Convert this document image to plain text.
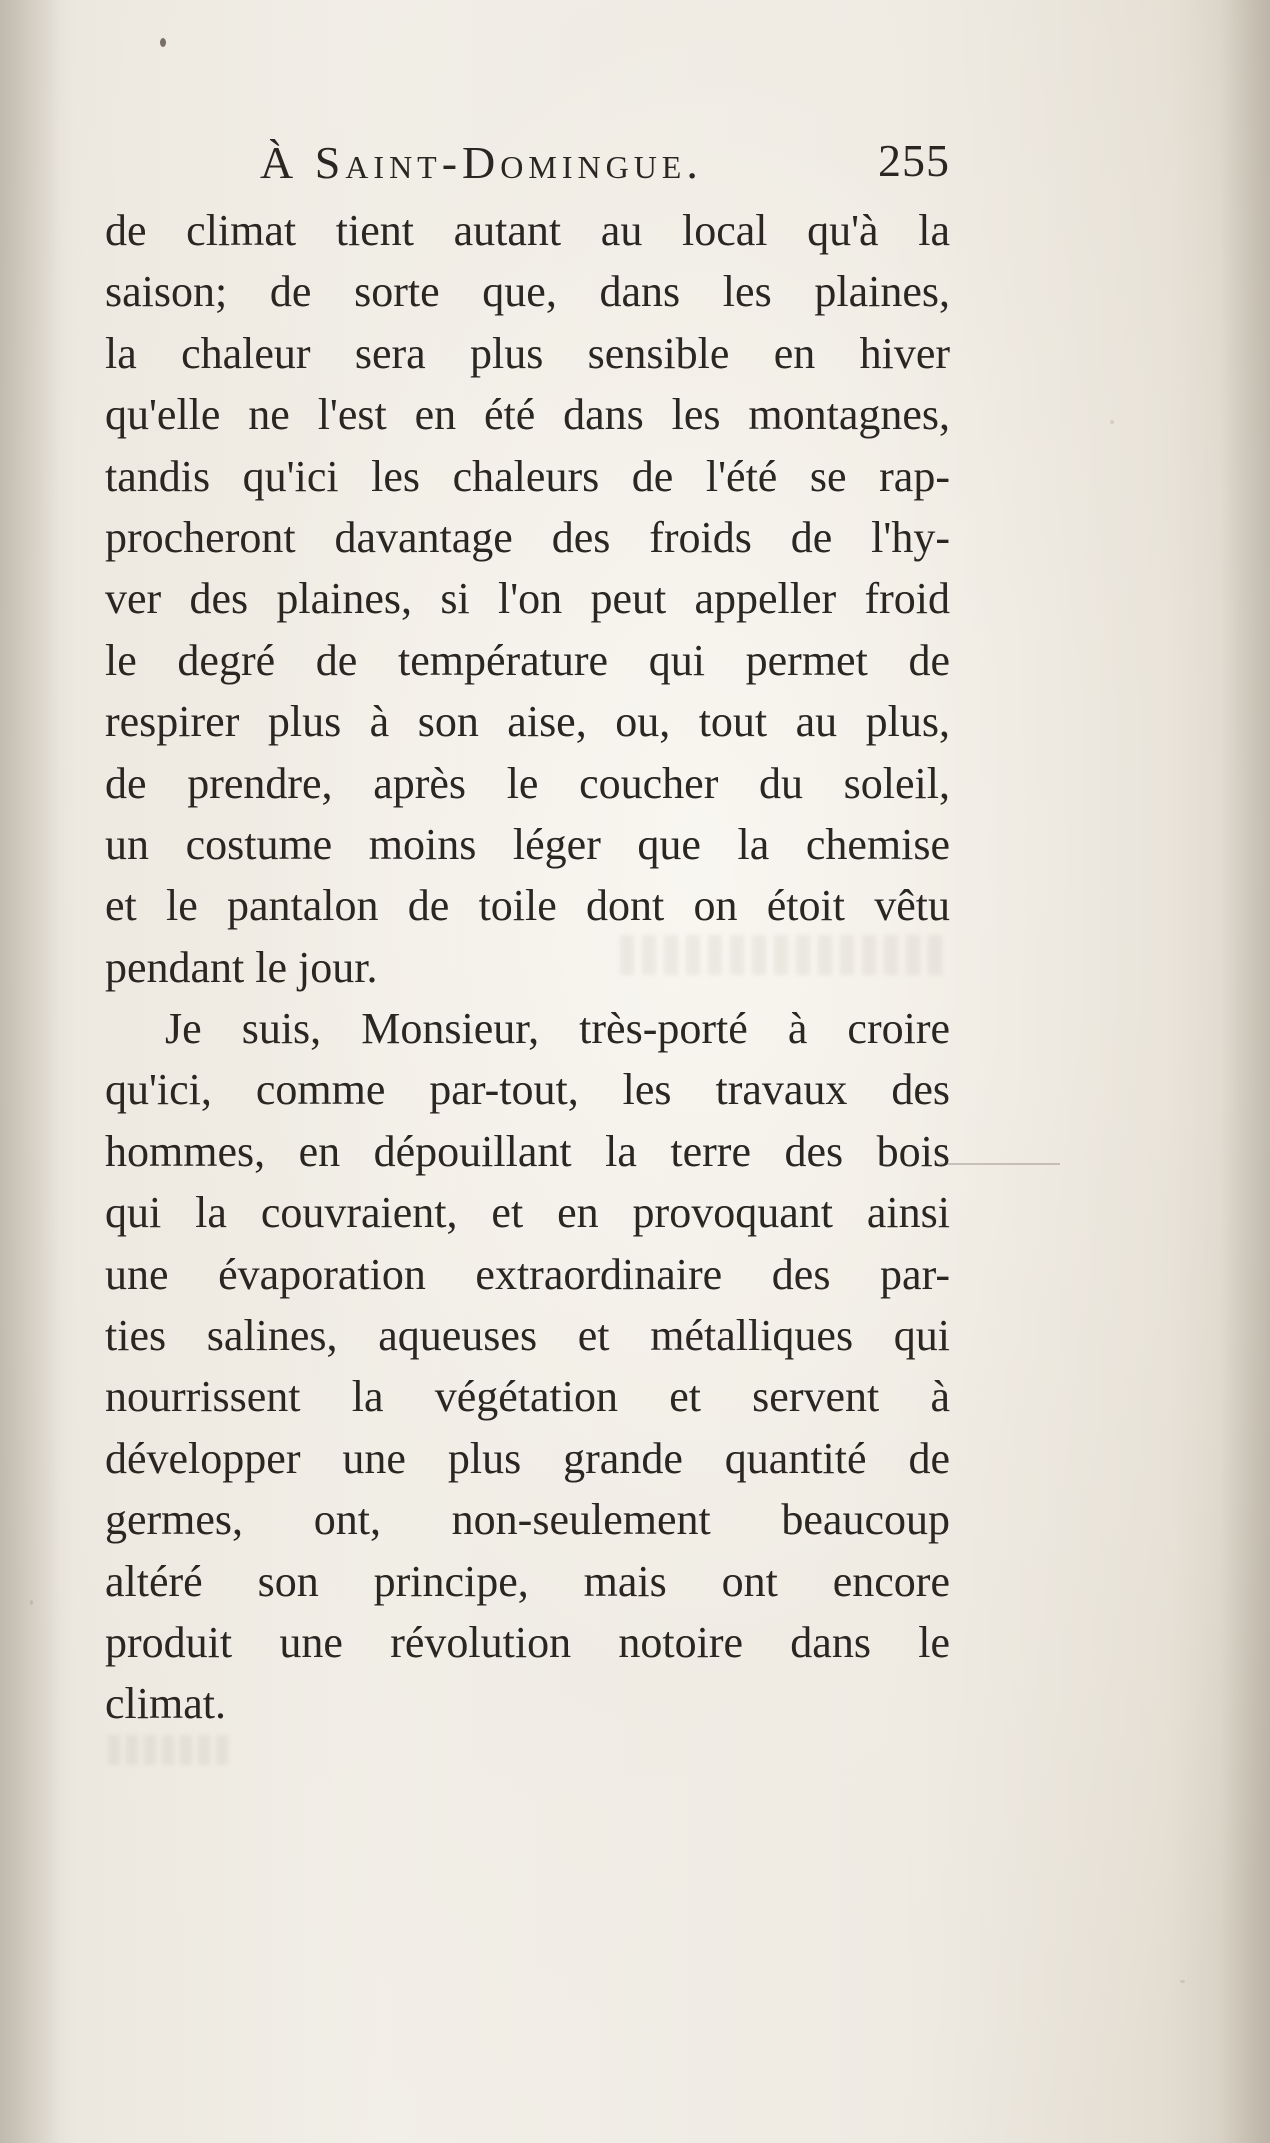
À Saint-Domingue.	255
de climat tient autant au local qu'à la
saison; de sorte que, dans les plaines,
la chaleur sera plus sensible en hiver
qu'elle ne l'est en été dans les montagnes,
tandis qu'ici les chaleurs de l'été se rap-
procheront davantage des froids de l'hy-
ver des plaines, si l'on peut appeller froid
le degré de température qui permet de
respirer plus à son aise, ou, tout au plus,
de prendre, après le coucher du soleil,
un costume moins léger que la chemise
et le pantalon de toile dont on étoit vêtu
pendant le jour.
Je suis, Monsieur, très-porté à croire
qu'ici, comme par-tout, les travaux des
hommes, en dépouillant la terre des bois
qui la couvraient, et en provoquant ainsi
une évaporation extraordinaire des par-
ties salines, aqueuses et métalliques qui
nourrissent la végétation et servent à
développer une plus grande quantité de
germes, ont, non-seulement beaucoup
altéré son principe, mais ont encore
produit une révolution notoire dans le
climat.
